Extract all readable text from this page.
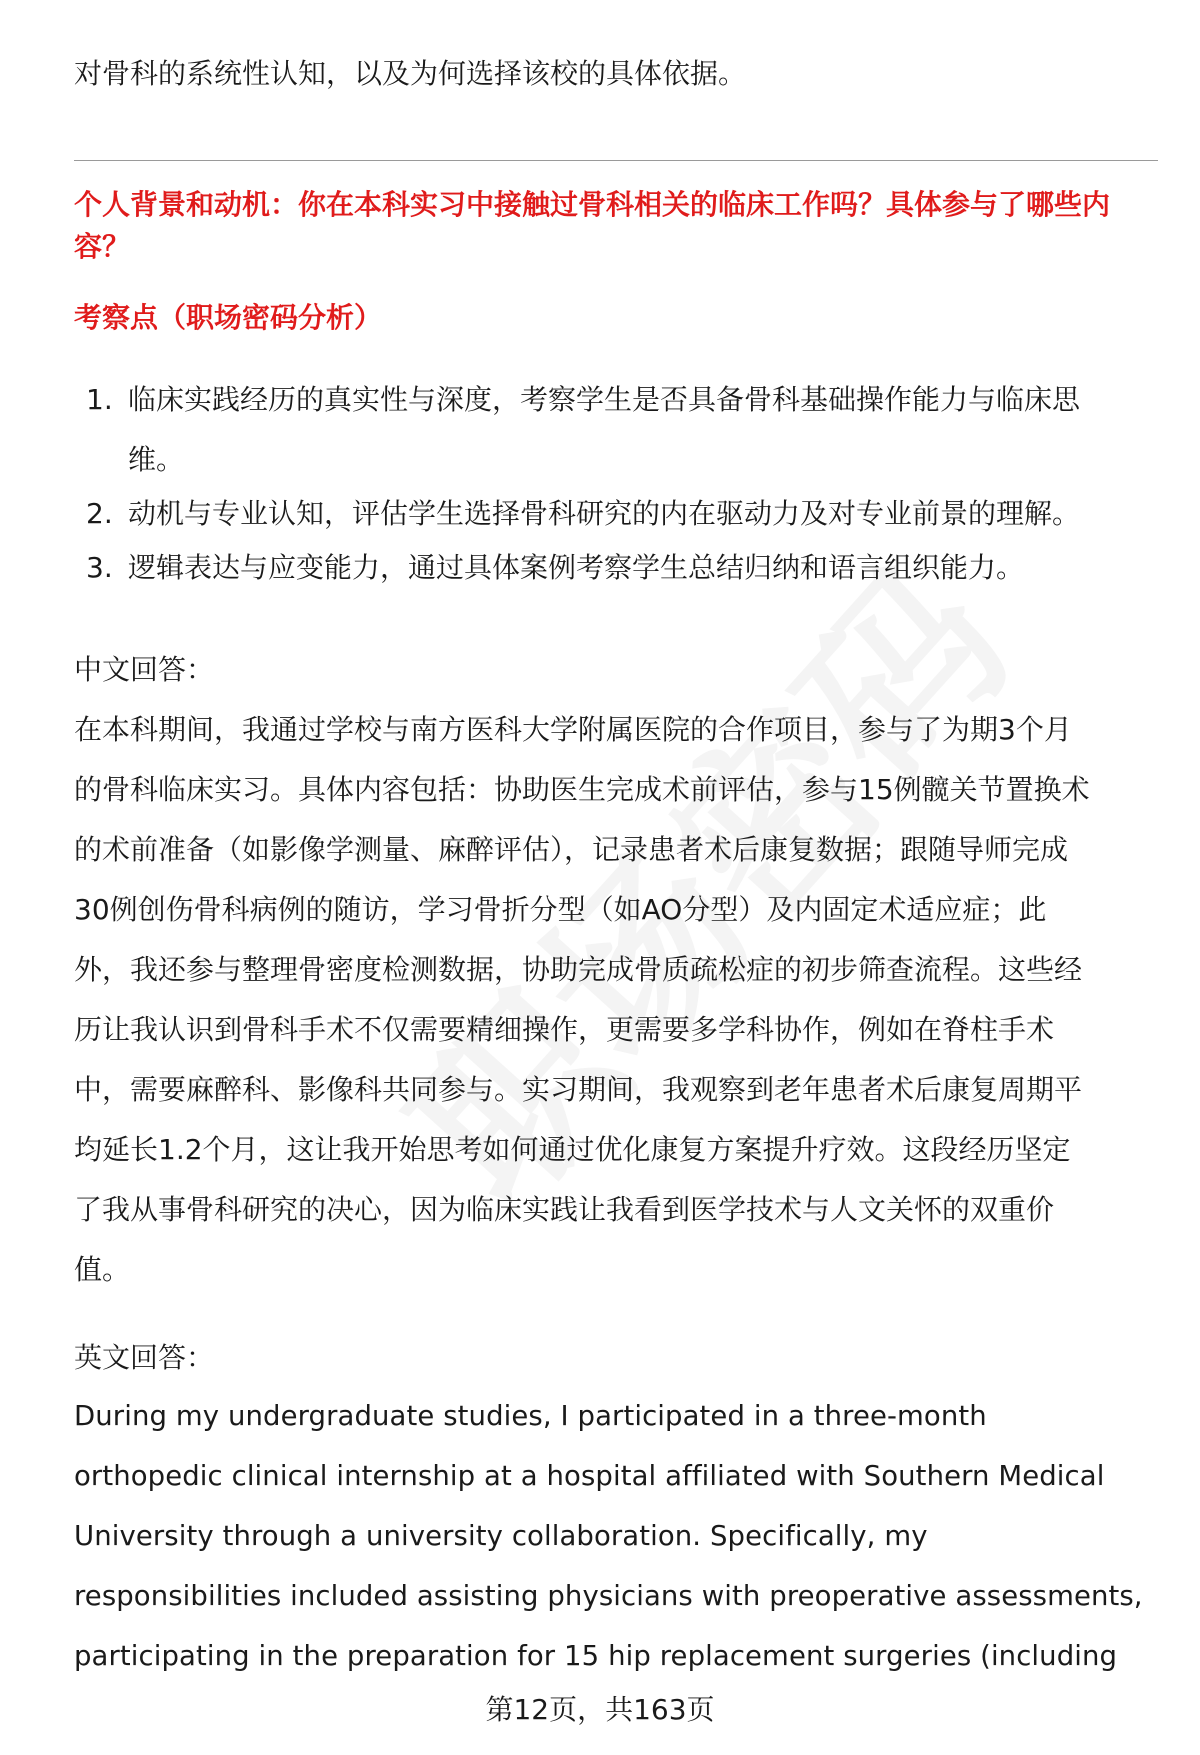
对骨科的系统性认知，以及为何选择该校的具体依据。
个人背景和动机：你在本科实习中接触过骨科相关的临床工作吗？具体参与了哪些内容？
考察点（职场密码分析）
1. 临床实践经历的真实性与深度，考察学生是否具备骨科基础操作能力与临床思
维。
2. 动机与专业认知，评估学生选择骨科研究的内在驱动力及对专业前景的理解。
3. 逻辑表达与应变能力，通过具体案例考察学生总结归纳和语言组织能力。
中文回答：
在本科期间，我通过学校与南方医科大学附属医院的合作项目，参与了为期3个月
的骨科临床实习。具体内容包括：协助医生完成术前评估，参与15例髋关节置换术
的术前准备（如影像学测量、麻醉评估），记录患者术后康复数据；跟随导师完成
30例创伤骨科病例的随访，学习骨折分型（如AO分型）及内固定术适应症；此
外，我还参与整理骨密度检测数据，协助完成骨质疏松症的初步筛查流程。这些经
历让我认识到骨科手术不仅需要精细操作，更需要多学科协作，例如在脊柱手术
中，需要麻醉科、影像科共同参与。实习期间，我观察到老年患者术后康复周期平
均延长1.2个月，这让我开始思考如何通过优化康复方案提升疗效。这段经历坚定
了我从事骨科研究的决心，因为临床实践让我看到医学技术与人文关怀的双重价
值。
英文回答：
During my undergraduate studies, I participated in a three-month
orthopedic clinical internship at a hospital affiliated with Southern Medical
University through a university collaboration. Specifically, my
responsibilities included assisting physicians with preoperative assessments,
participating in the preparation for 15 hip replacement surgeries (including
第12页，共163页
